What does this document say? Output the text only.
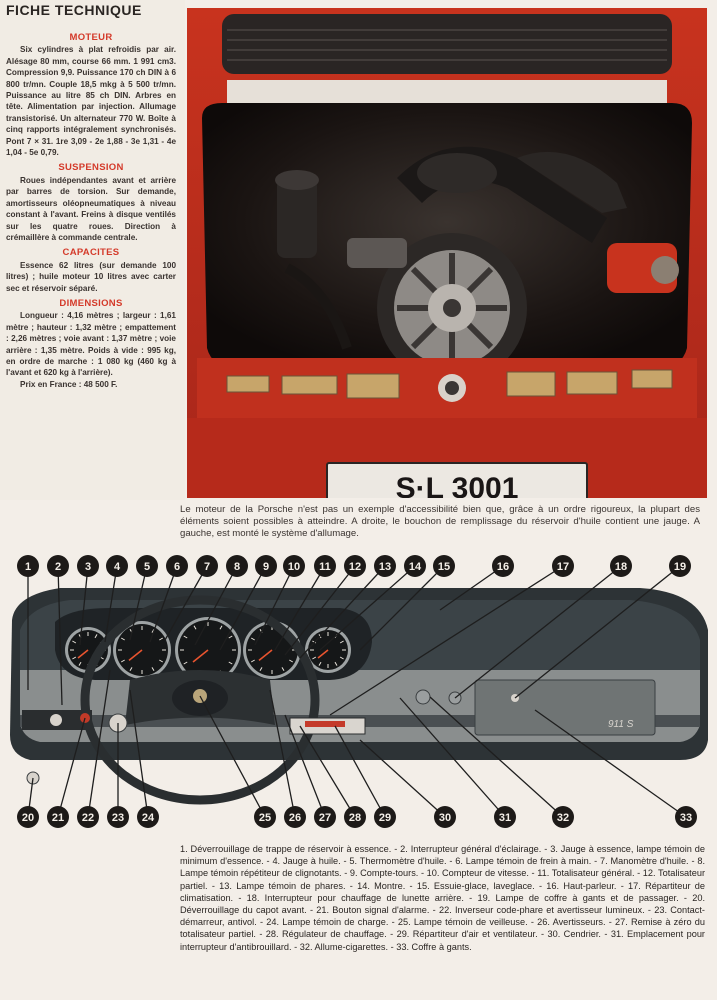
FICHE TECHNIQUE
MOTEUR

Six cylindres à plat refroidis par air. Alésage 80 mm, course 66 mm. 1 991 cm3. Compression 9,9. Puissance 170 ch DIN à 6 800 tr/mn. Couple 18,5 mkg à 5 500 tr/mn. Puissance au litre 85 ch DIN. Arbres en tête. Alimentation par injection. Allumage transistorisé. Un alternateur 770 W. Boîte à cinq rapports intégralement synchronisés. Pont 7 × 31. 1re 3,09 - 2e 1,88 - 3e 1,31 - 4e 1,04 - 5e 0,79.

SUSPENSION

Roues indépendantes avant et arrière par barres de torsion. Sur demande, amortisseurs oléopneumatiques à niveau constant à l'avant. Freins à disque ventilés sur les quatre roues. Direction à crémaillère à commande centrale.

CAPACITES

Essence 62 litres (sur demande 100 litres) ; huile moteur 10 litres avec carter sec et réservoir séparé.

DIMENSIONS

Longueur : 4,16 mètres ; largeur : 1,61 mètre ; hauteur : 1,32 mètre ; empattement : 2,26 mètres ; voie avant : 1,37 mètre ; voie arrière : 1,35 mètre. Poids à vide : 995 kg, en ordre de marche : 1 080 kg (460 kg à l'avant et 620 kg à l'arrière).

Prix en France : 48 500 F.

S·L 3001
Le moteur de la Porsche n'est pas un exemple d'accessibilité bien que, grâce à un ordre rigoureux, la plupart des éléments soient possibles à atteindre. A droite, le bouchon de remplissage du réservoir d'huile contient une jauge. A gauche, est monté le système d'allumage.
911 S
1 2 3 4 5 6 7 8 9 10 11 12 13 14 15	16	17	18	19
20 21 22 23 24	25 26 27 28 29	30	31	32	33
1. Déverrouillage de trappe de réservoir à essence. - 2. Interrupteur général d'éclairage. - 3. Jauge à essence, lampe témoin de minimum d'essence. - 4. Jauge à huile. - 5. Thermomètre d'huile. - 6. Lampe témoin de frein à main. - 7. Manomètre d'huile. - 8. Lampe témoin répétiteur de clignotants. - 9. Compte-tours. - 10. Compteur de vitesse. - 11. Totalisateur général. - 12. Totalisateur partiel. - 13. Lampe témoin de phares. - 14. Montre. - 15. Essuie-glace, laveglace. - 16. Haut-parleur. - 17. Répartiteur de climatisation. - 18. Interrupteur pour chauffage de lunette arrière. - 19. Lampe de coffre à gants et de passager. - 20. Déverrouillage du capot avant. - 21. Bouton signal d'alarme. - 22. Inverseur code-phare et avertisseur lumineux. - 23. Contact-démarreur, antivol. - 24. Lampe témoin de charge. - 25. Lampe témoin de veilleuse. - 26. Avertisseurs. - 27. Remise à zéro du totalisateur partiel. - 28. Régulateur de chauffage. - 29. Répartiteur d'air et ventilateur. - 30. Cendrier. - 31. Emplacement pour interrupteur d'antibrouillard. - 32. Allume-cigarettes. - 33. Coffre à gants.
